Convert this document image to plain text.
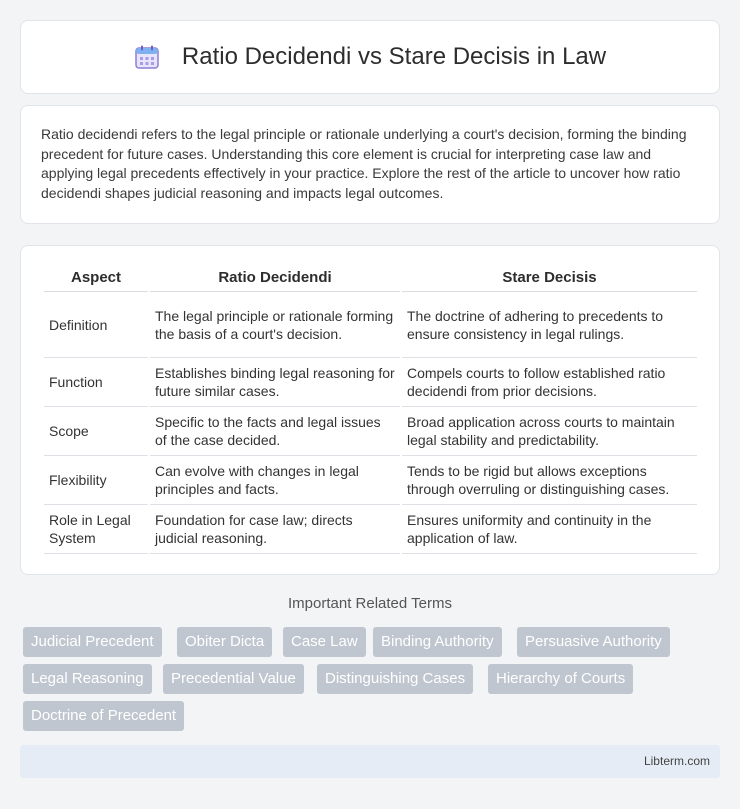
Ratio Decidendi vs Stare Decisis in Law

Ratio decidendi refers to the legal principle or rationale underlying a court's decision, forming the binding precedent for future cases. Understanding this core element is crucial for interpreting case law and applying legal precedents effectively in your practice. Explore the rest of the article to uncover how ratio decidendi shapes judicial reasoning and impacts legal outcomes.

Aspect	Ratio Decidendi	Stare Decisis
Definition	The legal principle or rationale forming the basis of a court's decision.	The doctrine of adhering to precedents to ensure consistency in legal rulings.
Function	Establishes binding legal reasoning for future similar cases.	Compels courts to follow established ratio decidendi from prior decisions.
Scope	Specific to the facts and legal issues of the case decided.	Broad application across courts to maintain legal stability and predictability.
Flexibility	Can evolve with changes in legal principles and facts.	Tends to be rigid but allows exceptions through overruling or distinguishing cases.
Role in Legal System	Foundation for case law; directs judicial reasoning.	Ensures uniformity and continuity in the application of law.
Important Related Terms
Judicial Precedent	Obiter Dicta	Case Law	Binding Authority	Persuasive Authority
Legal Reasoning	Precedential Value	Distinguishing Cases	Hierarchy of Courts
Doctrine of Precedent
Libterm.com
